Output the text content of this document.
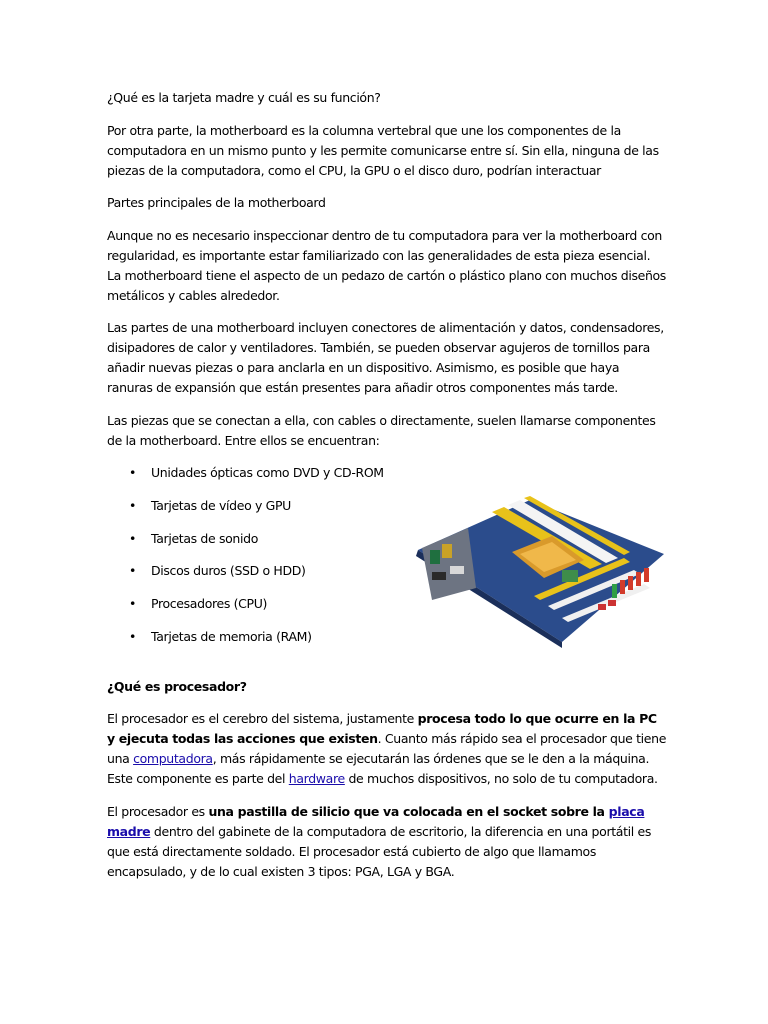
¿Qué es la tarjeta madre y cuál es su función?

Por otra parte, la motherboard es la columna vertebral que une los componentes de la computadora en un mismo punto y les permite comunicarse entre sí. Sin ella, ninguna de las piezas de la computadora, como el CPU, la GPU o el disco duro, podrían interactuar

Partes principales de la motherboard

Aunque no es necesario inspeccionar dentro de tu computadora para ver la motherboard con regularidad, es importante estar familiarizado con las generalidades de esta pieza esencial. La motherboard tiene el aspecto de un pedazo de cartón o plástico plano con muchos diseños metálicos y cables alrededor.

Las partes de una motherboard incluyen conectores de alimentación y datos, condensadores, disipadores de calor y ventiladores. También, se pueden observar agujeros de tornillos para añadir nuevas piezas o para anclarla en un dispositivo. Asimismo, es posible que haya ranuras de expansión que están presentes para añadir otros componentes más tarde.

Las piezas que se conectan a ella, con cables o directamente, suelen llamarse componentes de la motherboard. Entre ellos se encuentran:

• Unidades ópticas como DVD y CD-ROM
• Tarjetas de vídeo y GPU
• Tarjetas de sonido
• Discos duros (SSD o HDD)
• Procesadores (CPU)
• Tarjetas de memoria (RAM)

¿Qué es procesador?

El procesador es el cerebro del sistema, justamente procesa todo lo que ocurre en la PC y ejecuta todas las acciones que existen. Cuanto más rápido sea el procesador que tiene una computadora, más rápidamente se ejecutarán las órdenes que se le den a la máquina. Este componente es parte del hardware de muchos dispositivos, no solo de tu computadora.

El procesador es una pastilla de silicio que va colocada en el socket sobre la placa madre dentro del gabinete de la computadora de escritorio, la diferencia en una portátil es que está directamente soldado. El procesador está cubierto de algo que llamamos encapsulado, y de lo cual existen 3 tipos: PGA, LGA y BGA.
